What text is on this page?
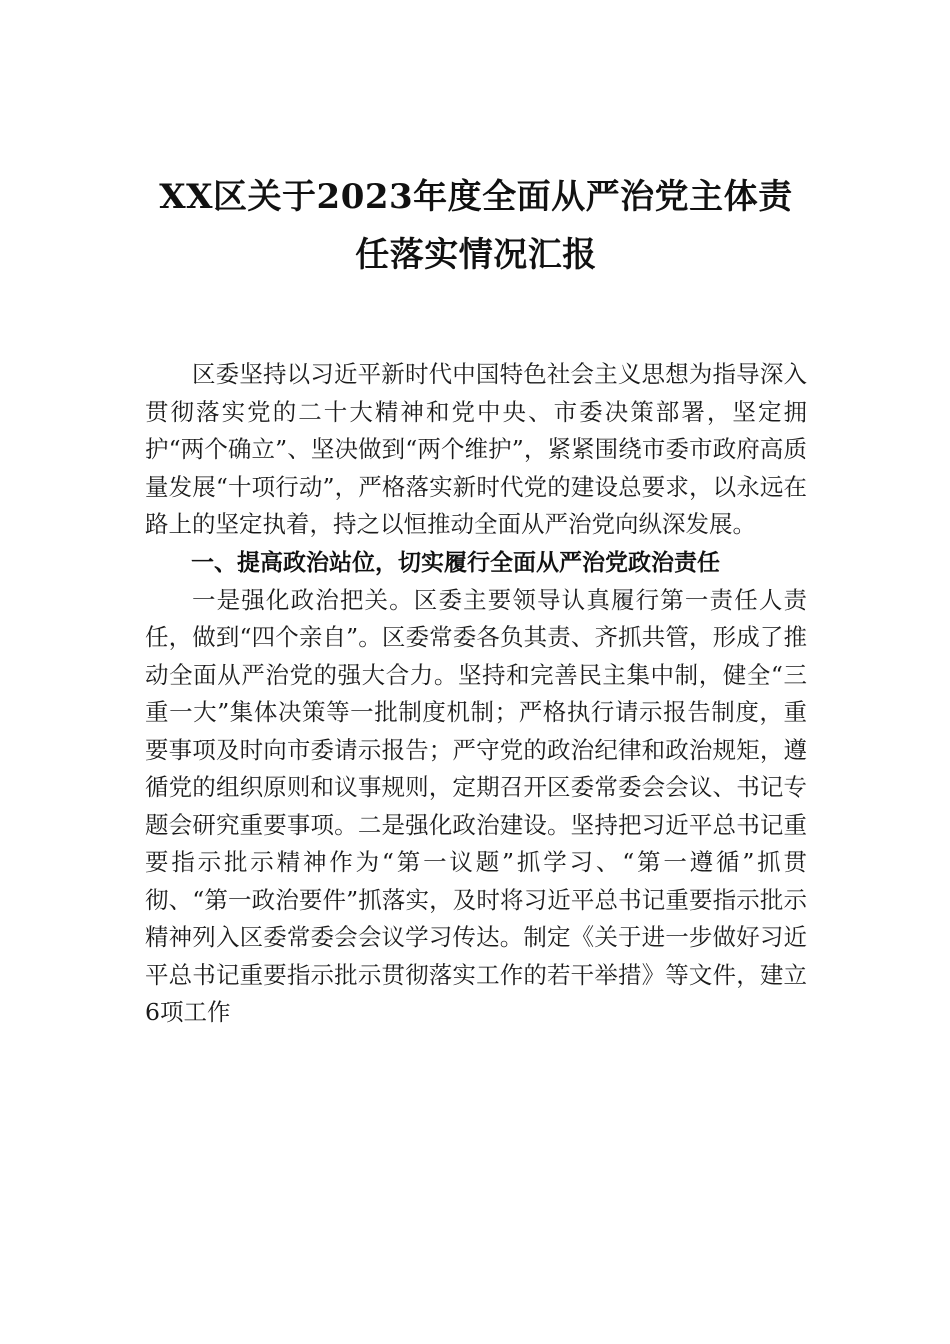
XX区关于2023年度全面从严治党主体责
任落实情况汇报

区委坚持以习近平新时代中国特色社会主义思想为指导深入贯彻落实党的二十大精神和党中央、市委决策部署，坚定拥护“两个确立”、坚决做到“两个维护”，紧紧围绕市委市政府高质量发展“十项行动”，严格落实新时代党的建设总要求，以永远在路上的坚定执着，持之以恒推动全面从严治党向纵深发展。

一、提高政治站位，切实履行全面从严治党政治责任

一是强化政治把关。区委主要领导认真履行第一责任人责任，做到“四个亲自”。区委常委各负其责、齐抓共管，形成了推动全面从严治党的强大合力。坚持和完善民主集中制，健全“三重一大”集体决策等一批制度机制；严格执行请示报告制度，重要事项及时向市委请示报告；严守党的政治纪律和政治规矩，遵循党的组织原则和议事规则，定期召开区委常委会会议、书记专题会研究重要事项。二是强化政治建设。坚持把习近平总书记重要指示批示精神作为“第一议题”抓学习、“第一遵循”抓贯彻、“第一政治要件”抓落实，及时将习近平总书记重要指示批示精神列入区委常委会会议学习传达。制定《关于进一步做好习近平总书记重要指示批示贯彻落实工作的若干举措》等文件，建立6项工作
